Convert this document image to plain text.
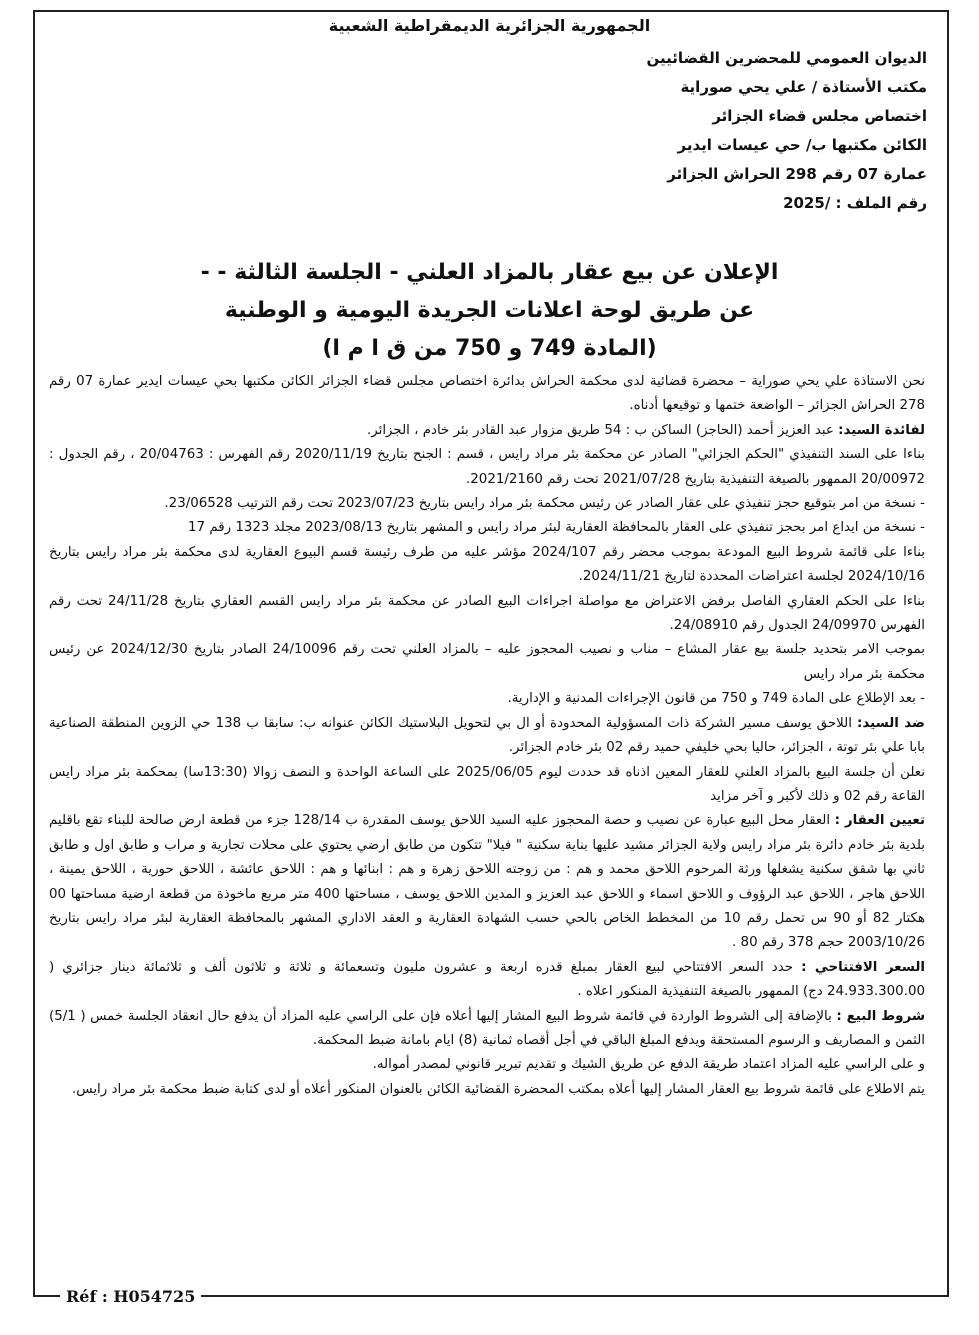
الجمهورية الجزائرية الديمقراطية الشعبية
الديوان العمومي للمحضرين القضائيين
مكتب الأستاذة / علي يحي صوراية
اختصاص مجلس قضاء الجزائر
الكائن مكتبها ب/ حي عيسات ايدير
عمارة 07 رقم 298 الحراش الجزائر
رقم الملف : /2025
الإعلان عن بيع عقار بالمزاد العلني - الجلسة الثالثة - -
عن طريق لوحة اعلانات الجريدة اليومية و الوطنية
(المادة 749 و 750 من ق ا م ا)

نحن الاستاذة علي يحي صوراية – محضرة قضائية لدى محكمة الحراش بدائرة اختصاص مجلس قضاء الجزائر الكائن مكتبها بحي عيسات ايدير عمارة 07 رقم 278 الحراش الجزائر – الواضعة ختمها و توقيعها أدناه.

لفائدة السيد: عبد العزيز أحمد (الحاجز) الساكن ب : 54 طريق مزوار عبد القادر بئر خادم ، الجزائر.

بناءا على السند التنفيذي "الحكم الجزائي" الصادر عن محكمة بئر مراد رايس ، قسم : الجنح بتاريخ 2020/11/19 رقم الفهرس : 20/04763 ، رقم الجدول : 20/00972 الممهور بالصيغة التنفيذية بتاريخ 2021/07/28 تحت رقم 2021/2160.

- نسخة من امر بتوقيع حجز تنفيذي على عقار الصادر عن رئيس محكمة بئر مراد رايس بتاريخ 2023/07/23 تحت رقم الترتيب 23/06528.

- نسخة من ايداع امر بحجز تنفيذي على العقار بالمحافظة العقارية لبئر مراد رايس و المشهر بتاريخ 2023/08/13 مجلد 1323 رقم 17

بناءا على قائمة شروط البيع المودعة بموجب محضر رقم 2024/107 مؤشر عليه من طرف رئيسة قسم البيوع العقارية لدى محكمة بئر مراد رايس بتاريخ 2024/10/16 لجلسة اعتراضات المحددة لتاريخ 2024/11/21.

بناءا على الحكم العقاري الفاصل برفض الاعتراض مع مواصلة اجراءات البيع الصادر عن محكمة بئر مراد رايس القسم العقاري بتاريخ 24/11/28 تحت رقم الفهرس 24/09970 الجدول رقم 24/08910.

بموجب الامر بتحديد جلسة بيع عقار المشاع – مناب و نصيب المحجوز عليه – بالمزاد العلني تحت رقم 24/10096 الصادر بتاريخ 2024/12/30 عن رئيس محكمة بئر مراد رايس

- بعد الإطلاع على المادة 749 و 750 من قانون الإجراءات المدنية و الإدارية.

ضد السيد: اللاحق يوسف مسير الشركة ذات المسؤولية المحدودة أو ال بي لتحويل البلاستيك الكائن عنوانه ب: سابقا ب 138 حي الزوين المنطقة الصناعية بابا علي بئر توتة ، الجزائر، حاليا بحي خليفي حميد رقم 02 بئر خادم الجزائر.

نعلن أن جلسة البيع بالمزاد العلني للعقار المعين اذناه قد حددت ليوم 2025/06/05 على الساعة الواحدة و النصف زوالا (13:30سا) بمحكمة بئر مراد رايس القاعة رقم 02 و ذلك لأكبر و آخر مزايد

تعيين العقار : العقار محل البيع عبارة عن نصيب و حصة المحجوز عليه السيد اللاحق يوسف المقدرة ب 128/14 جزء من قطعة ارض صالحة للبناء تقع باقليم بلدية بئر خادم دائرة بئر مراد رايس ولاية الجزائر مشيد عليها بناية سكنية " فيلا" تتكون من طابق ارضي يحتوي على محلات تجارية و مراب و طابق اول و طابق ثاني بها شقق سكنية يشغلها ورثة المرحوم اللاحق محمد و هم : من زوجته اللاحق زهرة و هم : ابنائها و هم : اللاحق عائشة ، اللاحق حورية ، اللاحق يمينة ، اللاحق هاجر ، اللاحق عبد الرؤوف و اللاحق اسماء و اللاحق عبد العزيز و المدين اللاحق يوسف ، مساحتها 400 متر مربع ماخوذة من قطعة ارضية مساحتها 00 هكتار 82 أو 90 س تحمل رقم 10 من المخطط الخاص بالحي حسب الشهادة العقارية و العقد الاداري المشهر بالمحافظة العقارية لبئر مراد رايس بتاريخ 2003/10/26 حجم 378 رقم 80 .

السعر الافتتاحي : حدد السعر الافتتاحي لبيع العقار بمبلغ قدره اربعة و عشرون مليون وتسعمائة و ثلاثة و ثلاثون ألف و ثلاثمائة دينار جزائري ( 24.933.300.00 دج) الممهور بالصيغة التنفيذية المنكور اعلاه .

شروط البيع : بالإضافة إلى الشروط الواردة في قائمة شروط البيع المشار إليها أعلاه فإن على الراسي عليه المزاد أن يدفع حال انعقاد الجلسة خمس ( 5/1) الثمن و المصاريف و الرسوم المستحقة ويدفع المبلغ الباقي في أجل أقصاه ثمانية (8) ايام بامانة ضبط المحكمة.

و على الراسي عليه المزاد اعتماد طريقة الدفع عن طريق الشيك و تقديم تبرير قانوني لمصدر أمواله.

يتم الاطلاع على قائمة شروط بيع العقار المشار إليها أعلاه بمكتب المحضرة القضائية الكائن بالعنوان المنكور أعلاه أو لدى كتابة ضبط محكمة بئر مراد رايس.

Réf : H054725
